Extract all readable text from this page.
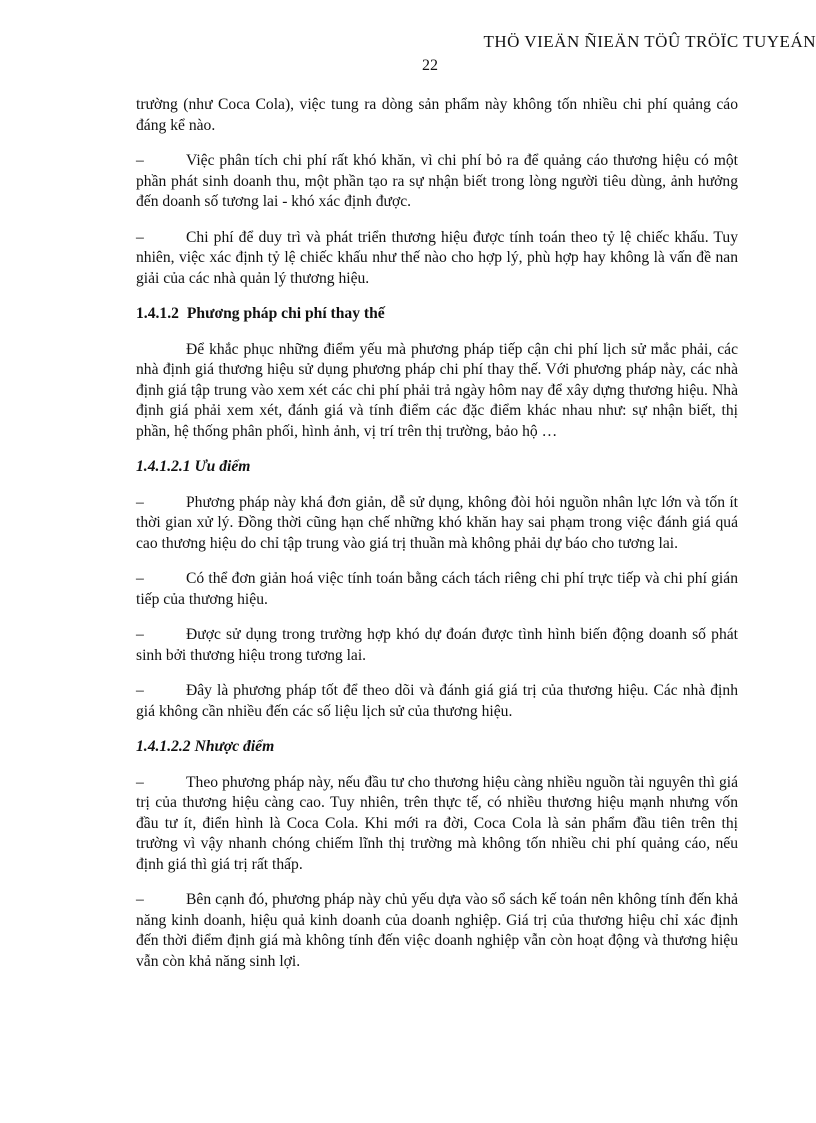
THÖ VIEÄN ÑIEÄN TÖÛ TRÖÏC TUYEÁN
22

trường (như Coca Cola), việc tung ra dòng sản phẩm này không tốn nhiều chi phí quảng cáo đáng kể nào.

–	Việc phân tích chi phí rất khó khăn, vì chi phí bỏ ra để quảng cáo thương hiệu có một phần phát sinh doanh thu, một phần tạo ra sự nhận biết trong lòng người tiêu dùng, ảnh hưởng đến doanh số tương lai - khó xác định được.

–	Chi phí để duy trì và phát triển thương hiệu được tính toán theo tỷ lệ chiếc khấu. Tuy nhiên, việc xác định tỷ lệ chiếc khấu như thế nào cho hợp lý, phù hợp hay không là vấn đề nan giải của các nhà quản lý thương hiệu.

1.4.1.2 Phương pháp chi phí thay thế

Để khắc phục những điểm yếu mà phương pháp tiếp cận chi phí lịch sử mắc phải, các nhà định giá thương hiệu sử dụng phương pháp chi phí thay thế. Với phương pháp này, các nhà định giá tập trung vào xem xét các chi phí phải trả ngày hôm nay để xây dựng thương hiệu. Nhà định giá phải xem xét, đánh giá và tính điểm các đặc điểm khác nhau như: sự nhận biết, thị phần, hệ thống phân phối, hình ảnh, vị trí trên thị trường, bảo hộ …

1.4.1.2.1 Ưu điểm

–	Phương pháp này khá đơn giản, dễ sử dụng, không đòi hỏi nguồn nhân lực lớn và tốn ít thời gian xử lý. Đồng thời cũng hạn chế những khó khăn hay sai phạm trong việc đánh giá quá cao thương hiệu do chỉ tập trung vào giá trị thuần mà không phải dự báo cho tương lai.

–	Có thể đơn giản hoá việc tính toán bằng cách tách riêng chi phí trực tiếp và chi phí gián tiếp của thương hiệu.

–	Được sử dụng trong trường hợp khó dự đoán được tình hình biến động doanh số phát sinh bởi thương hiệu trong tương lai.

–	Đây là phương pháp tốt để theo dõi và đánh giá giá trị của thương hiệu. Các nhà định giá không cần nhiều đến các số liệu lịch sử của thương hiệu.

1.4.1.2.2 Nhược điểm

–	Theo phương pháp này, nếu đầu tư cho thương hiệu càng nhiều nguồn tài nguyên thì giá trị của thương hiệu càng cao. Tuy nhiên, trên thực tế, có nhiều thương hiệu mạnh nhưng vốn đầu tư ít, điển hình là Coca Cola. Khi mới ra đời, Coca Cola là sản phẩm đầu tiên trên thị trường vì vậy nhanh chóng chiếm lĩnh thị trường mà không tốn nhiều chi phí quảng cáo, nếu định giá thì giá trị rất thấp.

–	Bên cạnh đó, phương pháp này chủ yếu dựa vào sổ sách kế toán nên không tính đến khả năng kinh doanh, hiệu quả kinh doanh của doanh nghiệp. Giá trị của thương hiệu chỉ xác định đến thời điểm định giá mà không tính đến việc doanh nghiệp vẫn còn hoạt động và thương hiệu vẫn còn khả năng sinh lợi.
